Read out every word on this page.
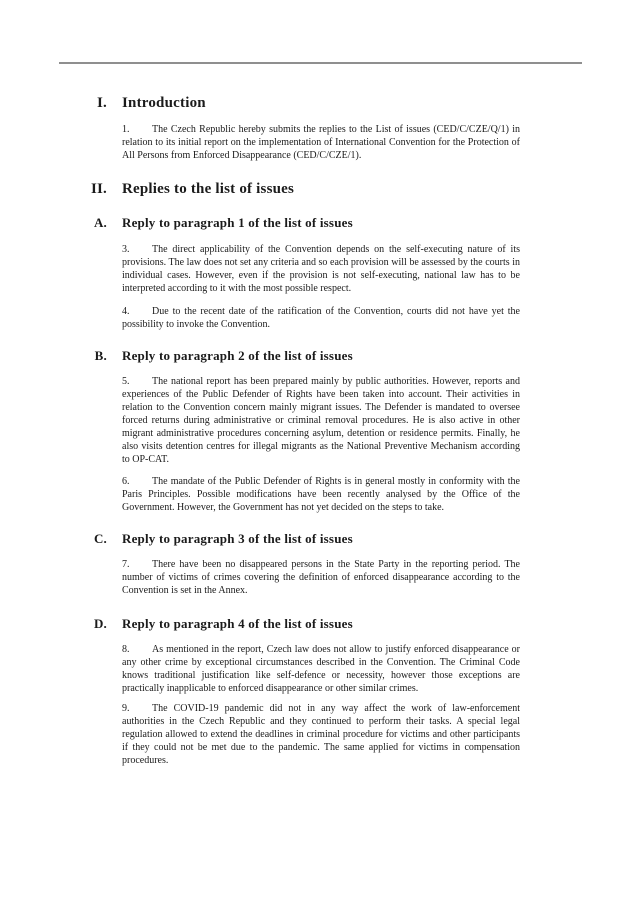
I. Introduction

1. The Czech Republic hereby submits the replies to the List of issues (CED/C/CZE/Q/1) in relation to its initial report on the implementation of International Convention for the Protection of All Persons from Enforced Disappearance (CED/C/CZE/1).

II. Replies to the list of issues
A. Reply to paragraph 1 of the list of issues

3. The direct applicability of the Convention depends on the self-executing nature of its provisions. The law does not set any criteria and so each provision will be assessed by the courts in individual cases. However, even if the provision is not self-executing, national law has to be interpreted according to it with the most possible respect.

4. Due to the recent date of the ratification of the Convention, courts did not have yet the possibility to invoke the Convention.

B. Reply to paragraph 2 of the list of issues

5. The national report has been prepared mainly by public authorities. However, reports and experiences of the Public Defender of Rights have been taken into account. Their activities in relation to the Convention concern mainly migrant issues. The Defender is mandated to oversee forced returns during administrative or criminal removal procedures. He is also active in other migrant administrative procedures concerning asylum, detention or residence permits. Finally, he also visits detention centres for illegal migrants as the National Preventive Mechanism according to OP-CAT.

6. The mandate of the Public Defender of Rights is in general mostly in conformity with the Paris Principles. Possible modifications have been recently analysed by the Office of the Government. However, the Government has not yet decided on the steps to take.

C. Reply to paragraph 3 of the list of issues

7. There have been no disappeared persons in the State Party in the reporting period. The number of victims of crimes covering the definition of enforced disappearance according to the Convention is set in the Annex.

D. Reply to paragraph 4 of the list of issues

8. As mentioned in the report, Czech law does not allow to justify enforced disappearance or any other crime by exceptional circumstances described in the Convention. The Criminal Code knows traditional justification like self-defence or necessity, however those exceptions are practically inapplicable to enforced disappearance or other similar crimes.

9. The COVID-19 pandemic did not in any way affect the work of law-enforcement authorities in the Czech Republic and they continued to perform their tasks. A special legal regulation allowed to extend the deadlines in criminal procedure for victims and other participants if they could not be met due to the pandemic. The same applied for victims in compensation procedures.
